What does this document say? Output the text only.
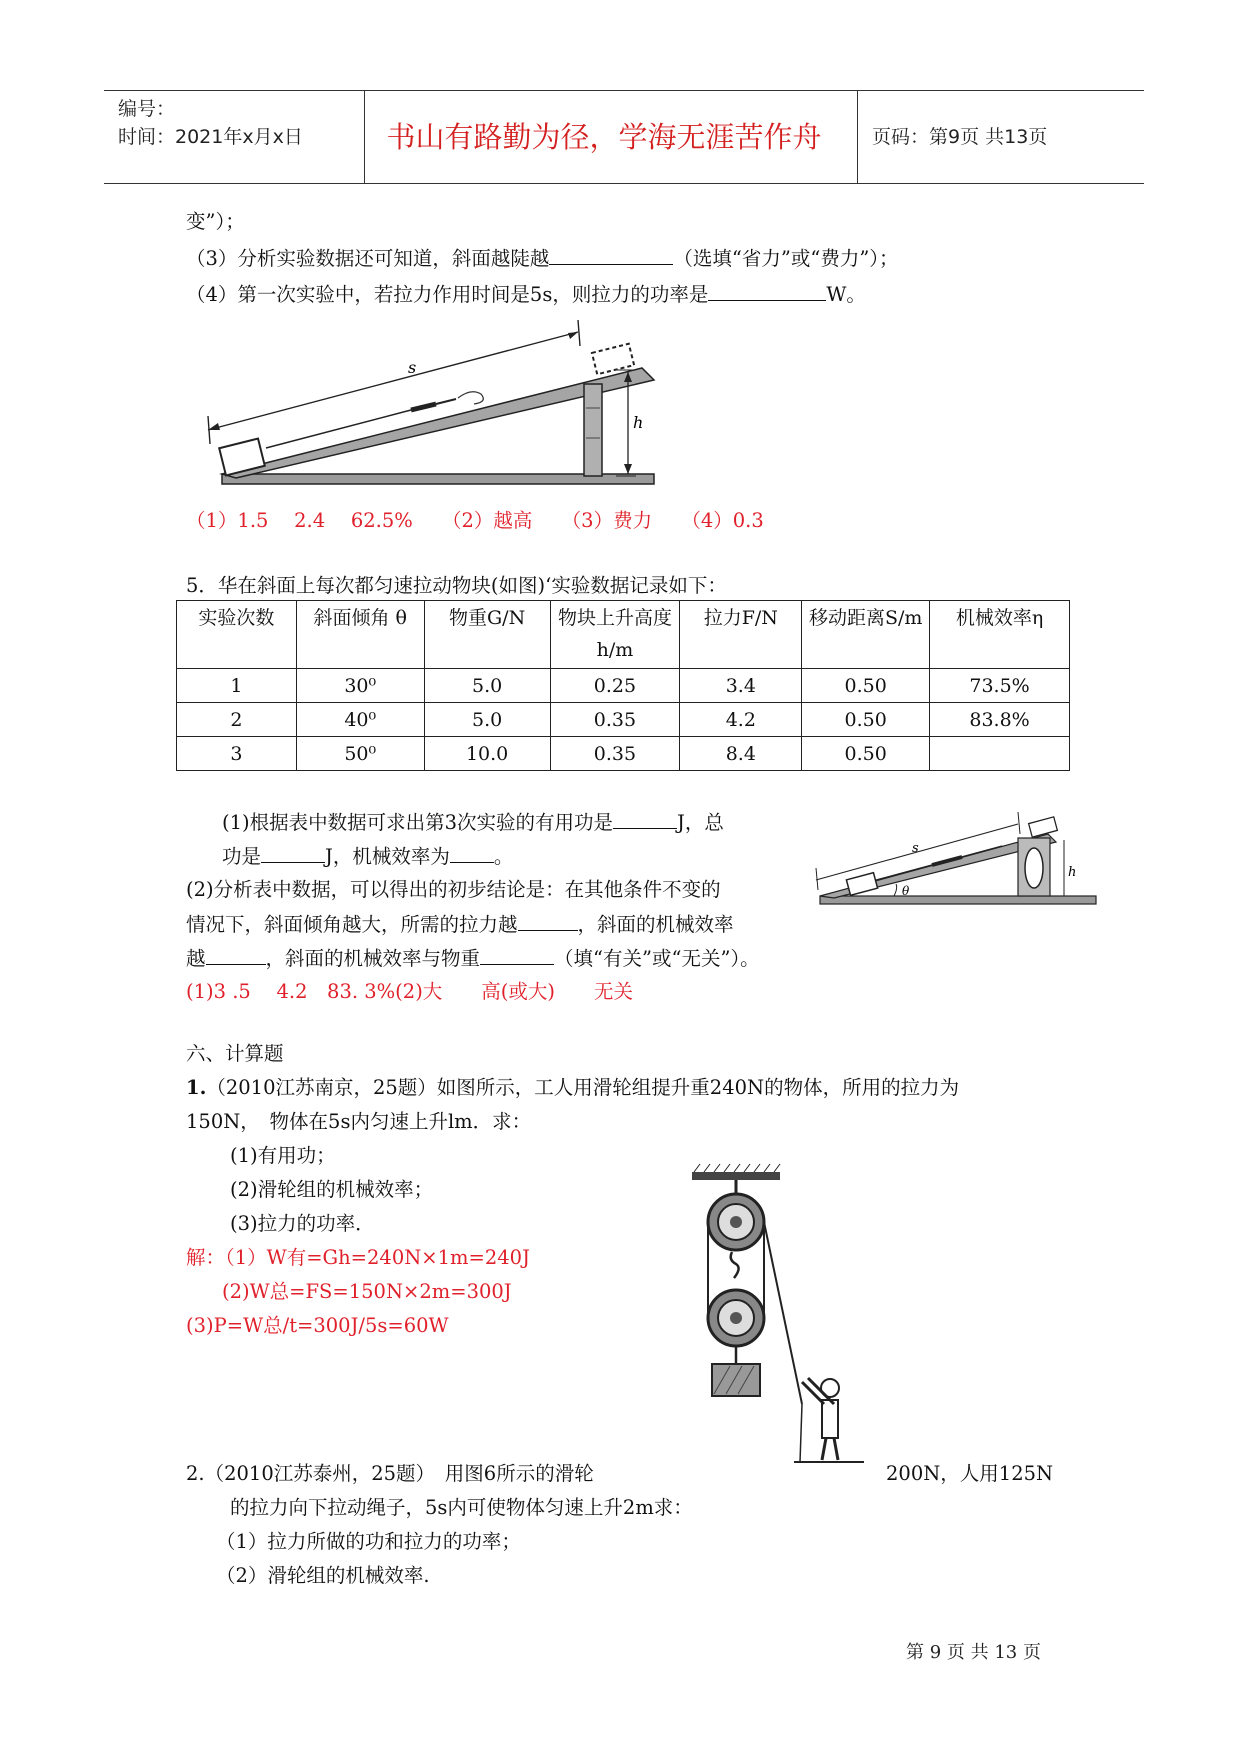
编号：
时间：2021年x月x日	书山有路勤为径，学海无涯苦作舟	页码：第9页 共13页
变”）；
（3）分析实验数据还可知道，斜面越陡越	（选填“省力”或“费力”）；
（4）第一次实验中，若拉力作用时间是5s，则拉力的功率是	W。
s
h
（1）1.5　 2.4　 62.5%　　（2）越高　　（3）费力　　（4）0.3
5．华在斜面上每次都匀速拉动物块(如图)‘实验数据记录如下：
实验次数	斜面倾角 θ	物重G/N	物块上升高度h/m	拉力F/N	移动距离S/m	机械效率η
1	30⁰	5.0	0.25	3.4	0.50	73.5%
2	40⁰	5.0	0.35	4.2	0.50	83.8%
3	50⁰	10.0	0.35	8.4	0.50	
(1)根据表中数据可求出第3次实验的有用功是	J，总
功是	J，机械效率为 。
(2)分析表中数据，可以得出的初步结论是：在其他条件不变的
情况下，斜面倾角越大，所需的拉力越	，斜面的机械效率
越	，斜面的机械效率与物重	（填“有关”或“无关”）。
(1)3 .5　 4.2　83. 3%(2)大　　高(或大)　　无关
s
h
θ
六、计算题
1.（2010江苏南京，25题）如图所示，工人用滑轮组提升重240N的物体，所用的拉力为
150N，　物体在5s内匀速上升lm．求：
(1)有用功；
(2)滑轮组的机械效率；
(3)拉力的功率．
解：（1）W有=Gh=240N×1m=240J
(2)W总=FS=150N×2m=300J
(3)P=W总/t=300J/5s=60W
2.（2010江苏泰州，25题）　用图6所示的滑轮	200N，人用125N
的拉力向下拉动绳子，5s内可使物体匀速上升2m求：
（1）拉力所做的功和拉力的功率；
（2）滑轮组的机械效率.
第 9 页 共 13 页
